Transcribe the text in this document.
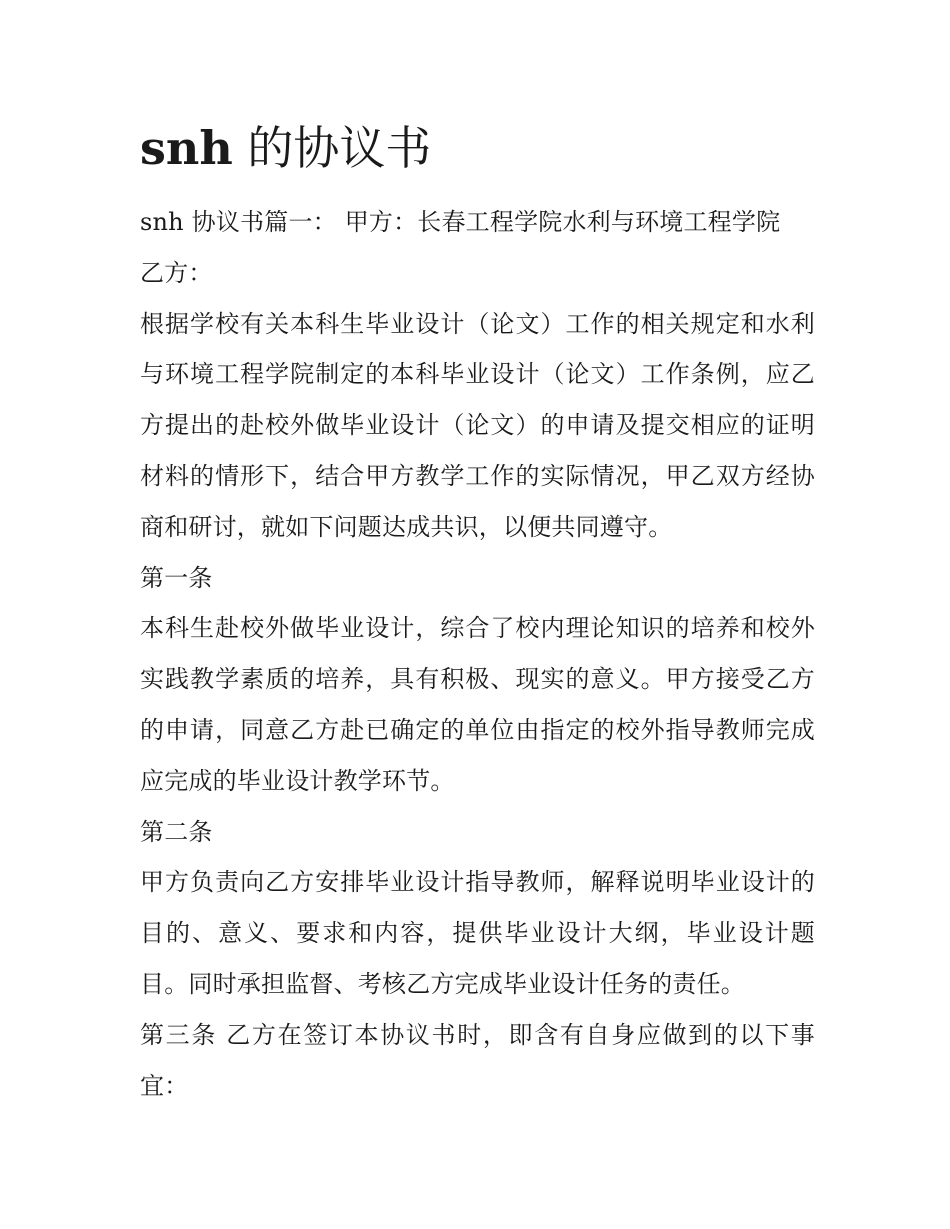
snh 的协议书

snh 协议书篇一： 甲方：长春工程学院水利与环境工程学院

乙方：

根据学校有关本科生毕业设计（论文）工作的相关规定和水利与环境工程学院制定的本科毕业设计（论文）工作条例，应乙方提出的赴校外做毕业设计（论文）的申请及提交相应的证明材料的情形下，结合甲方教学工作的实际情况，甲乙双方经协商和研讨，就如下问题达成共识，以便共同遵守。

第一条

本科生赴校外做毕业设计，综合了校内理论知识的培养和校外实践教学素质的培养，具有积极、现实的意义。甲方接受乙方的申请，同意乙方赴已确定的单位由指定的校外指导教师完成应完成的毕业设计教学环节。

第二条

甲方负责向乙方安排毕业设计指导教师，解释说明毕业设计的目的、意义、要求和内容，提供毕业设计大纲，毕业设计题目。同时承担监督、考核乙方完成毕业设计任务的责任。

第三条 乙方在签订本协议书时，即含有自身应做到的以下事宜：
